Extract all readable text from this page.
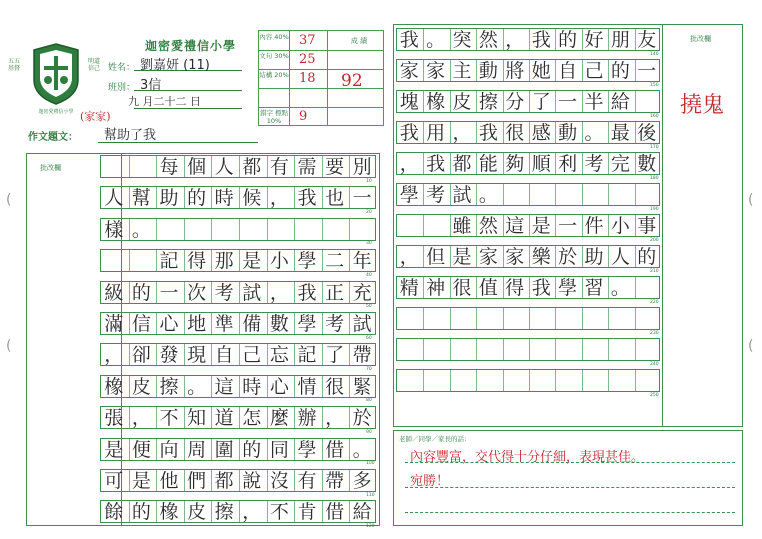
五五基督
明道信己
迦密愛禮信小學
迦密愛禮信小學
姓名： 劉嘉妍 (11)
班別： 3信
九 月二十二 日
內容 40%
文句 30%
結構 20%
錯字 標點 10%
成 績
37
25
18
9
92
作文題文：
(家家)
幫助了我
批改欄
10
20
30
40
50
60
70
80
90
100
110
120
每 個 人 都 有 需 要 別
人 幫 助 的 時 候 ， 我 也 一
樣 。
記 得 那 是 小 學 二 年
級 的 一 次 考 試 ， 我 正 充
滿 信 心 地 準 備 數 學 考 試
， 卻 發 現 自 己 忘 記 了 帶
橡 皮 擦 。 這 時 心 情 很 緊
張 ， 不 知 道 怎 麼 辦 ， 於
是 便 向 周 圍 的 同 學 借 。
可 是 他 們 都 說 沒 有 帶 多
餘 的 橡 皮 擦 ， 不 肯 借 給
批改欄
撓鬼
140
150
160
170
180
190
200
210
220
230
240
250
我 。 突 然 ， 我 的 好 朋 友
家 家 主 動 將 她 自 己 的 一
塊 橡 皮 擦 分 了 一 半 給
我 用 ， 我 很 感 動 。 最 後
， 我 都 能 夠 順 利 考 完 數
學 考 試 。
雖 然 這 是 一 件 小 事
， 但 是 家 家 樂 於 助 人 的
精 神 很 值 得 我 學 習 。
老師／同學／家長的話：
內容豐富，交代得十分仔細，表現甚佳。
宛勝！
(
(
(
(
